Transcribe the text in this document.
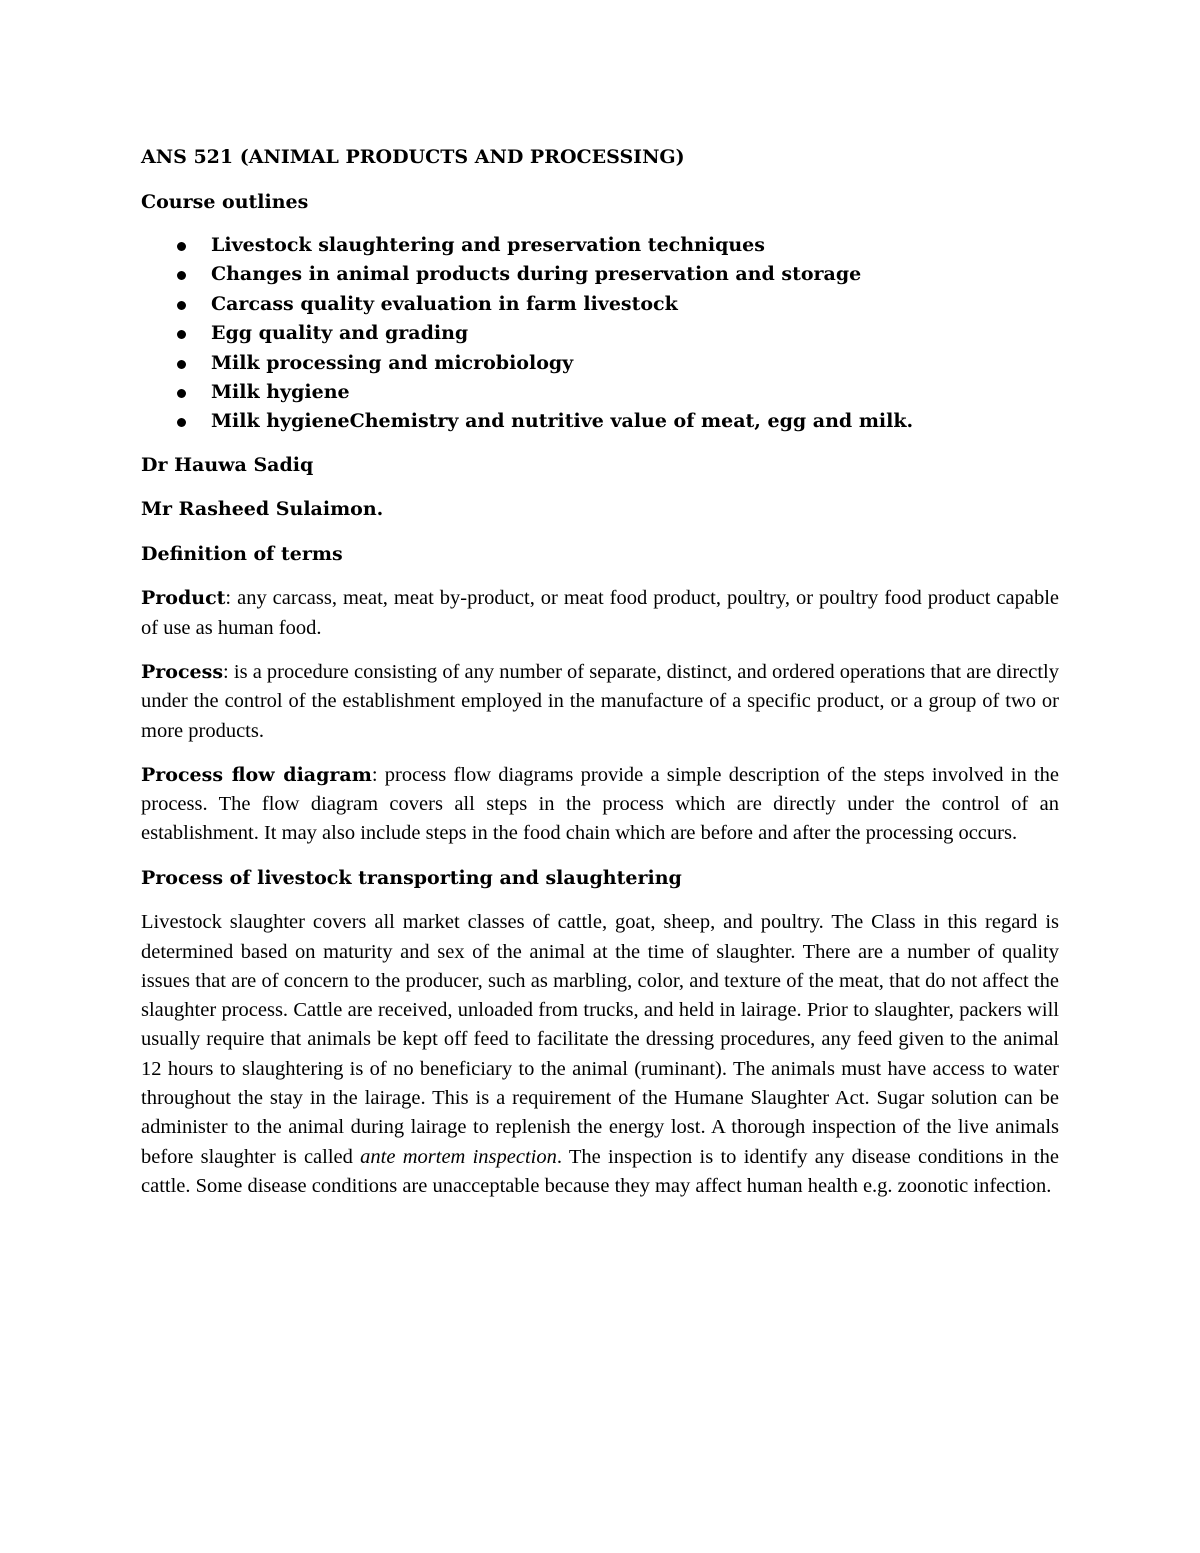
ANS 521 (ANIMAL PRODUCTS AND PROCESSING)

Course outlines

Livestock slaughtering and preservation techniques
Changes in animal products during preservation and storage
Carcass quality evaluation in farm livestock
Egg quality and grading
Milk processing and microbiology
Milk hygiene
Milk hygieneChemistry and nutritive value of meat, egg and milk.

Dr Hauwa Sadiq

Mr Rasheed Sulaimon.

Definition of terms

Product: any carcass, meat, meat by-product, or meat food product, poultry, or poultry food product capable of use as human food.

Process: is a procedure consisting of any number of separate, distinct, and ordered operations that are directly under the control of the establishment employed in the manufacture of a specific product, or a group of two or more products.

Process flow diagram: process flow diagrams provide a simple description of the steps involved in the process. The flow diagram covers all steps in the process which are directly under the control of an establishment. It may also include steps in the food chain which are before and after the processing occurs.

Process of livestock transporting and slaughtering

Livestock slaughter covers all market classes of cattle, goat, sheep, and poultry. The Class in this regard is determined based on maturity and sex of the animal at the time of slaughter. There are a number of quality issues that are of concern to the producer, such as marbling, color, and texture of the meat, that do not affect the slaughter process. Cattle are received, unloaded from trucks, and held in lairage. Prior to slaughter, packers will usually require that animals be kept off feed to facilitate the dressing procedures, any feed given to the animal 12 hours to slaughtering is of no beneficiary to the animal (ruminant). The animals must have access to water throughout the stay in the lairage. This is a requirement of the Humane Slaughter Act. Sugar solution can be administer to the animal during lairage to replenish the energy lost. A thorough inspection of the live animals before slaughter is called ante mortem inspection. The inspection is to identify any disease conditions in the cattle. Some disease conditions are unacceptable because they may affect human health e.g. zoonotic infection.
